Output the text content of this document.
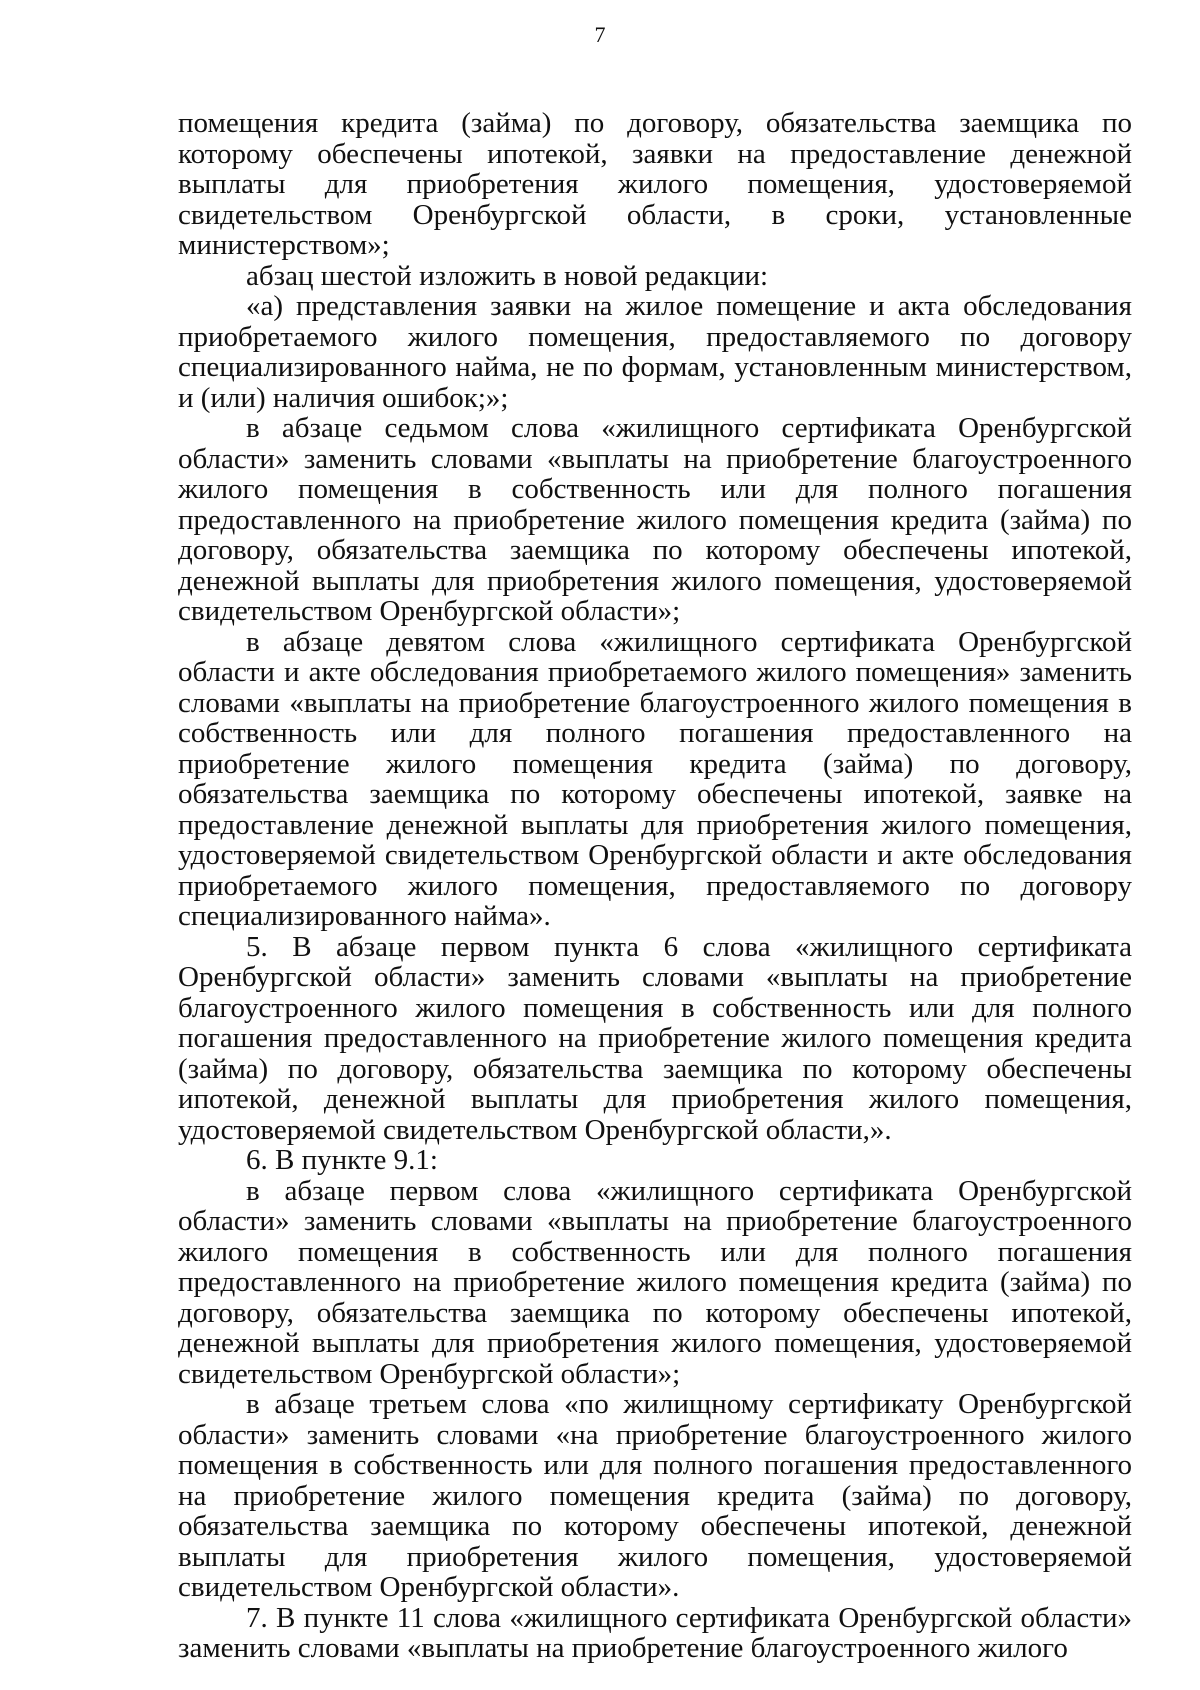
7

помещения кредита (займа) по договору, обязательства заемщика по которому обеспечены ипотекой, заявки на предоставление денежной выплаты для приобретения жилого помещения, удостоверяемой свидетельством Оренбургской области, в сроки, установленные министерством»;

абзац шестой изложить в новой редакции:

«а) представления заявки на жилое помещение и акта обследования приобретаемого жилого помещения, предоставляемого по договору специализированного найма, не по формам, установленным министерством, и (или) наличия ошибок;»;

в абзаце седьмом слова «жилищного сертификата Оренбургской области» заменить словами «выплаты на приобретение благоустроенного жилого помещения в собственность или для полного погашения предоставленного на приобретение жилого помещения кредита (займа) по договору, обязательства заемщика по которому обеспечены ипотекой, денежной выплаты для приобретения жилого помещения, удостоверяемой свидетельством Оренбургской области»;

в абзаце девятом слова «жилищного сертификата Оренбургской области и акте обследования приобретаемого жилого помещения» заменить словами «выплаты на приобретение благоустроенного жилого помещения в собственность или для полного погашения предоставленного на приобретение жилого помещения кредита (займа) по договору, обязательства заемщика по которому обеспечены ипотекой, заявке на предоставление денежной выплаты для приобретения жилого помещения, удостоверяемой свидетельством Оренбургской области и акте обследования приобретаемого жилого помещения, предоставляемого по договору специализированного найма».

5. В абзаце первом пункта 6 слова «жилищного сертификата Оренбургской области» заменить словами «выплаты на приобретение благоустроенного жилого помещения в собственность или для полного погашения предоставленного на приобретение жилого помещения кредита (займа) по договору, обязательства заемщика по которому обеспечены ипотекой, денежной выплаты для приобретения жилого помещения, удостоверяемой свидетельством Оренбургской области,».

6. В пункте 9.1:

в абзаце первом слова «жилищного сертификата Оренбургской области» заменить словами «выплаты на приобретение благоустроенного жилого помещения в собственность или для полного погашения предоставленного на приобретение жилого помещения кредита (займа) по договору, обязательства заемщика по которому обеспечены ипотекой, денежной выплаты для приобретения жилого помещения, удостоверяемой свидетельством Оренбургской области»;

в абзаце третьем слова «по жилищному сертификату Оренбургской области» заменить словами «на приобретение благоустроенного жилого помещения в собственность или для полного погашения предоставленного на приобретение жилого помещения кредита (займа) по договору, обязательства заемщика по которому обеспечены ипотекой, денежной выплаты для приобретения жилого помещения, удостоверяемой свидетельством Оренбургской области».

7. В пункте 11 слова «жилищного сертификата Оренбургской области» заменить словами «выплаты на приобретение благоустроенного жилого
